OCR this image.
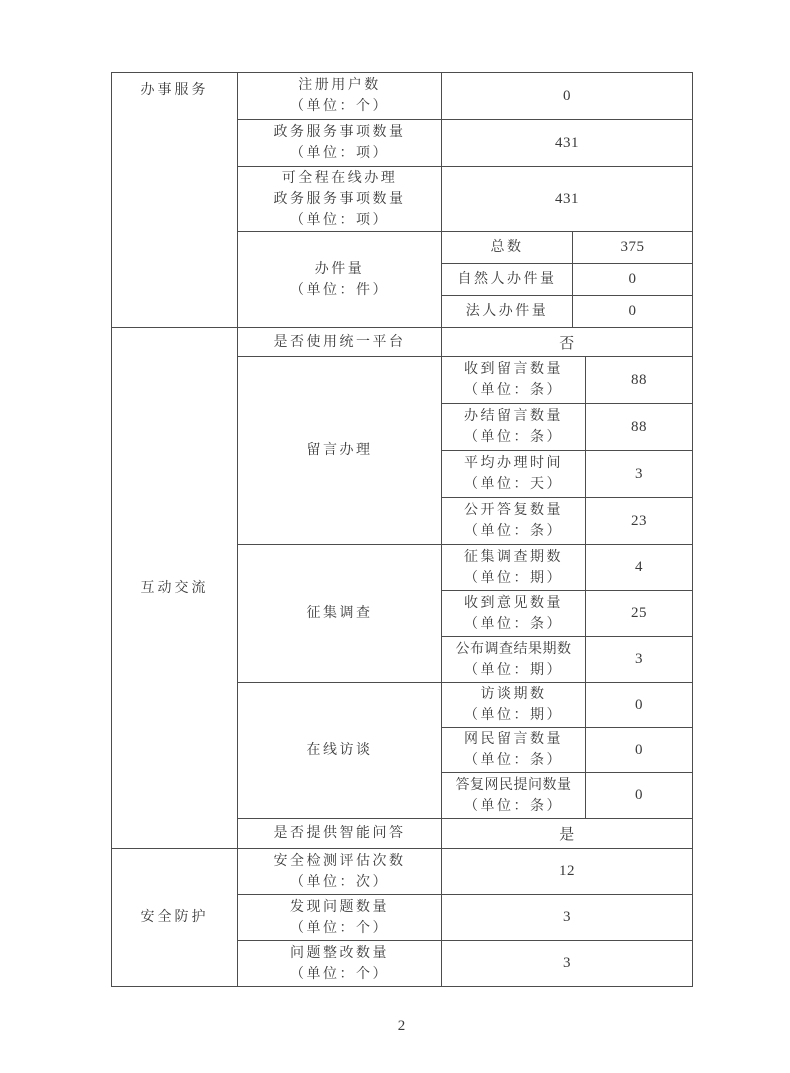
办事服务	注册用户数
（单位：个）	0		

	政务服务事项数量
（单位：项）	431		

	可全程在线办理
政务服务事项数量
（单位：项）	431		

	办件量
（单位：件）	总数	375	

		自然人办件量	0	

		法人办件量	0	

互动交流	是否使用统一平台	否		

	留言办理	收到留言数量
（单位：条）		88

		办结留言数量
（单位：条）		88

		平均办理时间
（单位：天）		3

		公开答复数量
（单位：条）		23

	征集调查	征集调查期数
（单位：期）		4

		收到意见数量
（单位：条）		25

		公布调查结果期数
（单位：期）		3

	在线访谈	访谈期数
（单位：期）		0

		网民留言数量
（单位：条）		0

		答复网民提问数量
（单位：条）		0

	是否提供智能问答	是		

安全防护	安全检测评估次数
（单位：次）	12		

	发现问题数量
（单位：个）	3		

	问题整改数量
（单位：个）	3		
2
